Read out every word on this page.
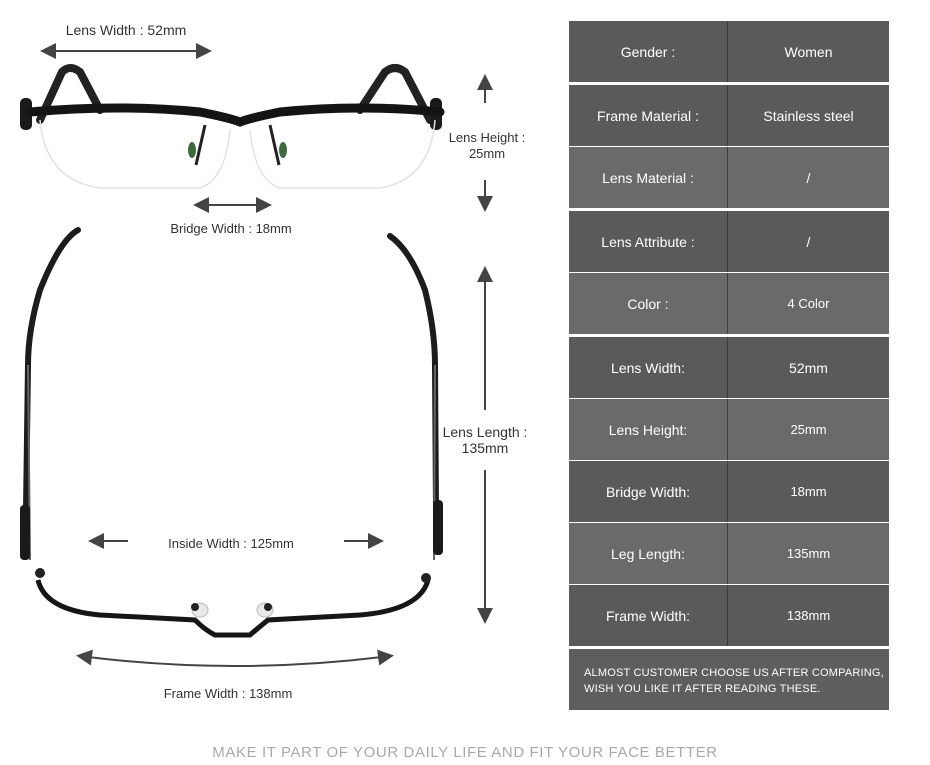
Lens Width : 52mm
Lens Height :
25mm
Bridge Width : 18mm
Lens Length :
135mm
Inside Width : 125mm
Frame Width : 138mm
Gender :	Women
Frame Material :	Stainless steel
Lens Material :	/
Lens Attribute :	/
Color :	4 Color
Lens Width:	52mm
Lens Height:	25mm
Bridge Width:	18mm
Leg Length:	135mm
Frame Width:	138mm
ALMOST CUSTOMER CHOOSE US AFTER COMPARING,
WISH YOU LIKE IT AFTER READING THESE.
MAKE IT PART OF YOUR DAILY LIFE AND FIT YOUR FACE BETTER
